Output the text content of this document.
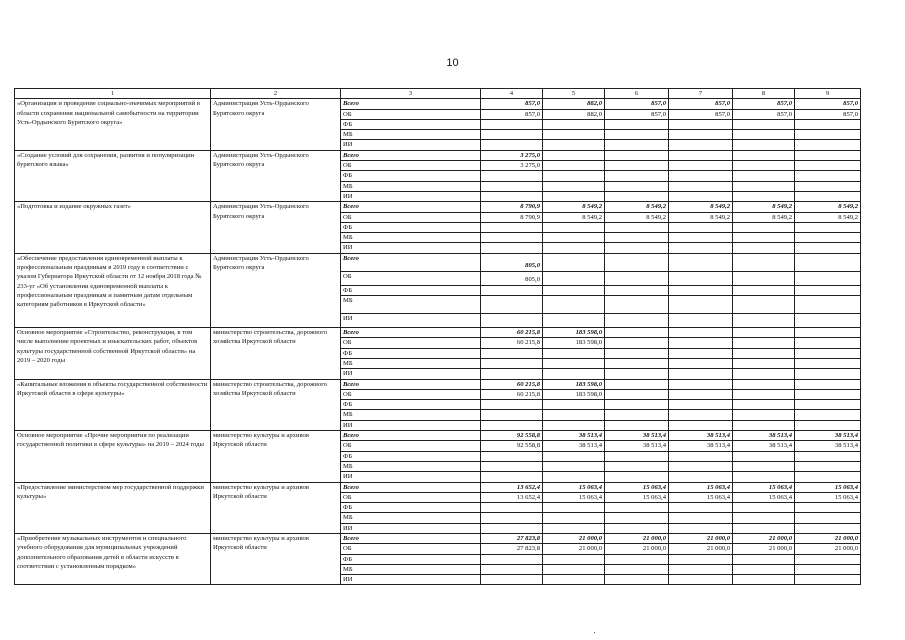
10
1	2	3	4	5	6	7	8	9
«Организация и проведение социально-значимых мероприятий в области сохранения национальной самобытности на территории Усть-Ордынского Бурятского округа»	Администрация Усть-Ордынского Бурятского округа	Всего	857,0	882,0	857,0	857,0	857,0	857,0
		ОБ	857,0	882,0	857,0	857,0	857,0	857,0
		ФБ						
		МБ						
		ИИ						
«Создание условий для сохранения, развития и популяризации бурятского языка»	Администрация Усть-Ордынского Бурятского округа	Всего	3 275,0					
		ОБ	3 275,0					
		ФБ						
		МБ						
		ИИ						
«Подготовка и издание окружных газет»	Администрация Усть-Ордынского Бурятского округа	Всего	8 790,9	8 549,2	8 549,2	8 549,2	8 549,2	8 549,2
		ОБ	8 790,9	8 549,2	8 549,2	8 549,2	8 549,2	8 549,2
		ФБ						
		МБ						
		ИИ						
«Обеспечение предоставления единовременной выплаты к профессиональным праздникам в 2019 году в соответствии с указом Губернатора Иркутской области от 12 ноября 2018 года № 233-уг «Об установлении единовременной выплаты к профессиональным праздникам и памятным датам отдельным категориям работников в Иркутской области»	Администрация Усть-Ордынского Бурятского округа	Всего	805,0					
		ОБ	805,0					
		ФБ						
		МБ						
		ИИ						
Основное мероприятие «Строительство, реконструкция, в том числе выполнение проектных и изыскательских работ, объектов культуры государственной собственной Иркутской области» на 2019 – 2020 годы	министерство строительства, дорожного хозяйства Иркутской области	Всего	60 215,8	183 598,0				
		ОБ	60 215,8	183 598,0				
		ФБ						
		МБ						
		ИИ						
«Капитальные вложения в объекты государственной собственности Иркутской области в сфере культуры»	министерство строительства, дорожного хозяйства Иркутской области	Всего	60 215,8	183 598,0				
		ОБ	60 215,8	183 598,0				
		ФБ						
		МБ						
		ИИ						
Основное мероприятие «Прочие мероприятия по реализации государственной политики в сфере культуры» на 2019 – 2024 годы	министерство культуры и архивов Иркутской области	Всего	92 558,8	38 513,4	38 513,4	38 513,4	38 513,4	38 513,4
		ОБ	92 558,8	38 513,4	38 513,4	38 513,4	38 513,4	38 513,4
		ФБ						
		МБ						
		ИИ						
«Предоставление министерством мер государственной поддержки культуры»	министерство культуры и архивов Иркутской области	Всего	13 652,4	15 063,4	15 063,4	15 063,4	15 063,4	15 063,4
		ОБ	13 652,4	15 063,4	15 063,4	15 063,4	15 063,4	15 063,4
		ФБ						
		МБ						
		ИИ						
«Приобретение музыкальных инструментов и специального учебного оборудования для муниципальных учреждений дополнительного образования детей в области искусств в соответствии с установленным порядком»	министерство культуры и архивов Иркутской области	Всего	27 823,8	21 000,0	21 000,0	21 000,0	21 000,0	21 000,0
		ОБ	27 823,8	21 000,0	21 000,0	21 000,0	21 000,0	21 000,0
		ФБ						
		МБ						
		ИИ						
